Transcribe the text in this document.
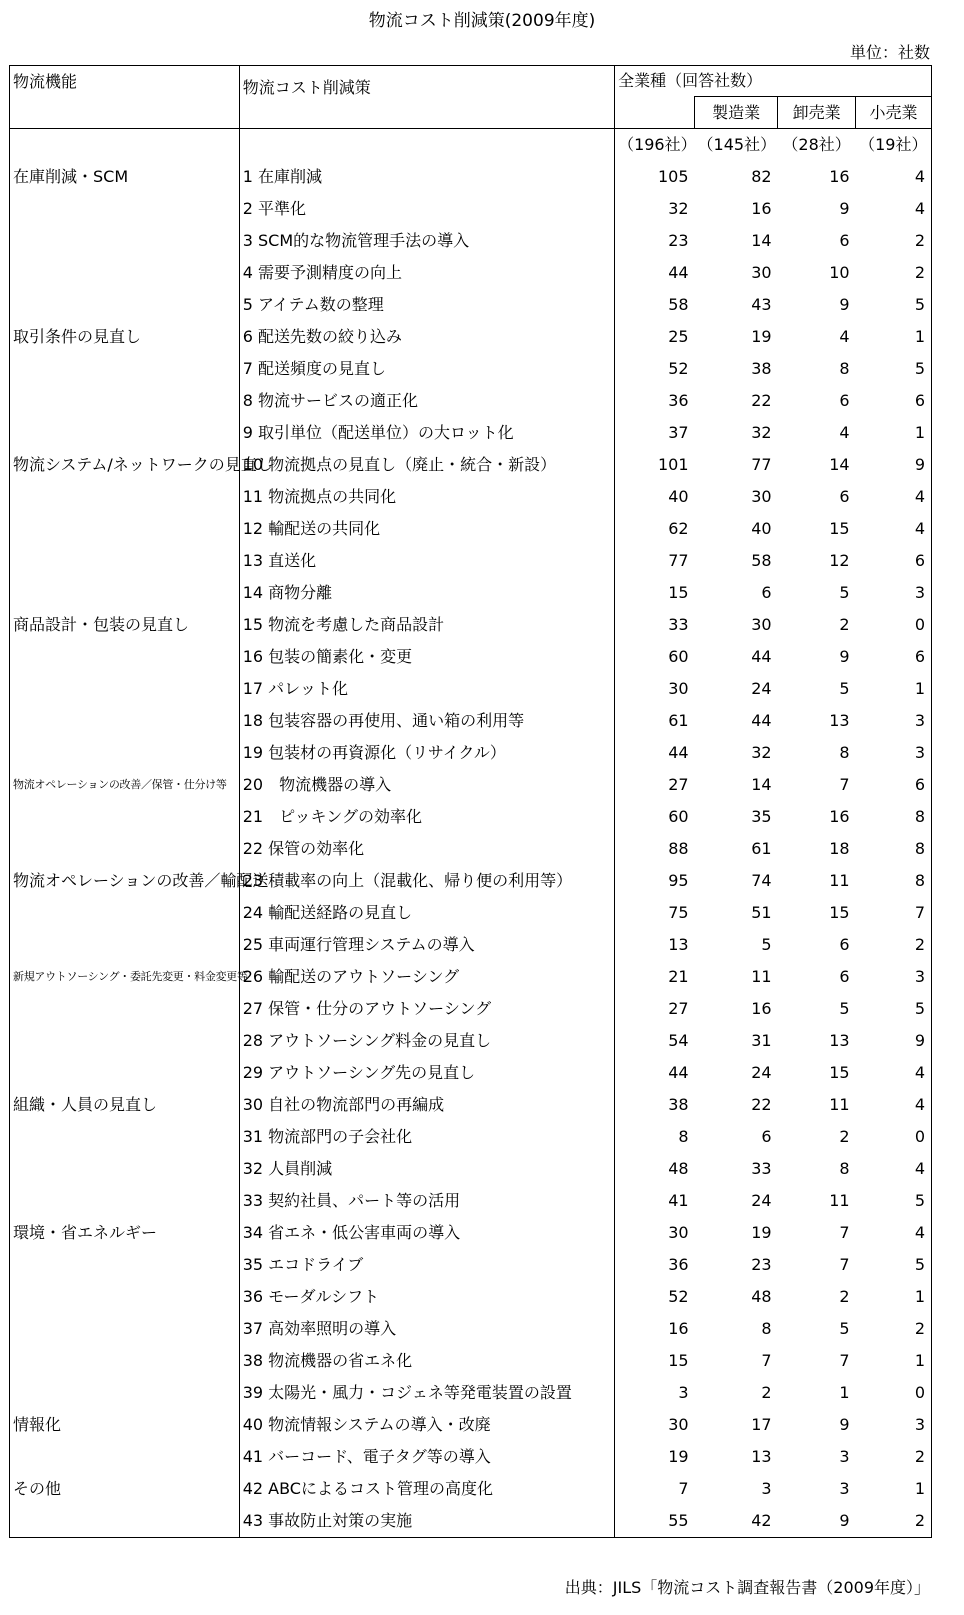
物流コスト削減策(2009年度)
単位：社数
物流機能	物流コスト削減策	全業種（回答社数）			
			製造業	卸売業	小売業
		（196社）	（145社）	（28社）	（19社）
在庫削減・SCM	1 在庫削減	105	82	16	4
	2 平準化	32	16	9	4
	3 SCM的な物流管理手法の導入	23	14	6	2
	4 需要予測精度の向上	44	30	10	2
	5 アイテム数の整理	58	43	9	5
取引条件の見直し	6 配送先数の絞り込み	25	19	4	1
	7 配送頻度の見直し	52	38	8	5
	8 物流サービスの適正化	36	22	6	6
	9 取引単位（配送単位）の大ロット化	37	32	4	1
物流システム/ネットワークの見直し	10 物流拠点の見直し（廃止・統合・新設）	101	77	14	9
	11 物流拠点の共同化	40	30	6	4
	12 輸配送の共同化	62	40	15	4
	13 直送化	77	58	12	6
	14 商物分離	15	6	5	3
商品設計・包装の見直し	15 物流を考慮した商品設計	33	30	2	0
	16 包装の簡素化・変更	60	44	9	6
	17 パレット化	30	24	5	1
	18 包装容器の再使用、通い箱の利用等	61	44	13	3
	19 包装材の再資源化（リサイクル）	44	32	8	3
物流オペレーションの改善／保管・仕分け等	20　物流機器の導入	27	14	7	6
	21　ピッキングの効率化	60	35	16	8
	22 保管の効率化	88	61	18	8
物流オペレーションの改善／輸配送	23 積載率の向上（混載化、帰り便の利用等）	95	74	11	8
	24 輸配送経路の見直し	75	51	15	7
	25 車両運行管理システムの導入	13	5	6	2
新規アウトソーシング・委託先変更・料金変更等	26 輸配送のアウトソーシング	21	11	6	3
	27 保管・仕分のアウトソーシング	27	16	5	5
	28 アウトソーシング料金の見直し	54	31	13	9
	29 アウトソーシング先の見直し	44	24	15	4
組織・人員の見直し	30 自社の物流部門の再編成	38	22	11	4
	31 物流部門の子会社化	8	6	2	0
	32 人員削減	48	33	8	4
	33 契約社員、パート等の活用	41	24	11	5
環境・省エネルギー	34 省エネ・低公害車両の導入	30	19	7	4
	35 エコドライブ	36	23	7	5
	36 モーダルシフト	52	48	2	1
	37 高効率照明の導入	16	8	5	2
	38 物流機器の省エネ化	15	7	7	1
	39 太陽光・風力・コジェネ等発電装置の設置	3	2	1	0
情報化	40 物流情報システムの導入・改廃	30	17	9	3
	41 バーコード、電子タグ等の導入	19	13	3	2
その他	42 ABCによるコスト管理の高度化	7	3	3	1
	43 事故防止対策の実施	55	42	9	2
出典：JILS「物流コスト調査報告書（2009年度）」
